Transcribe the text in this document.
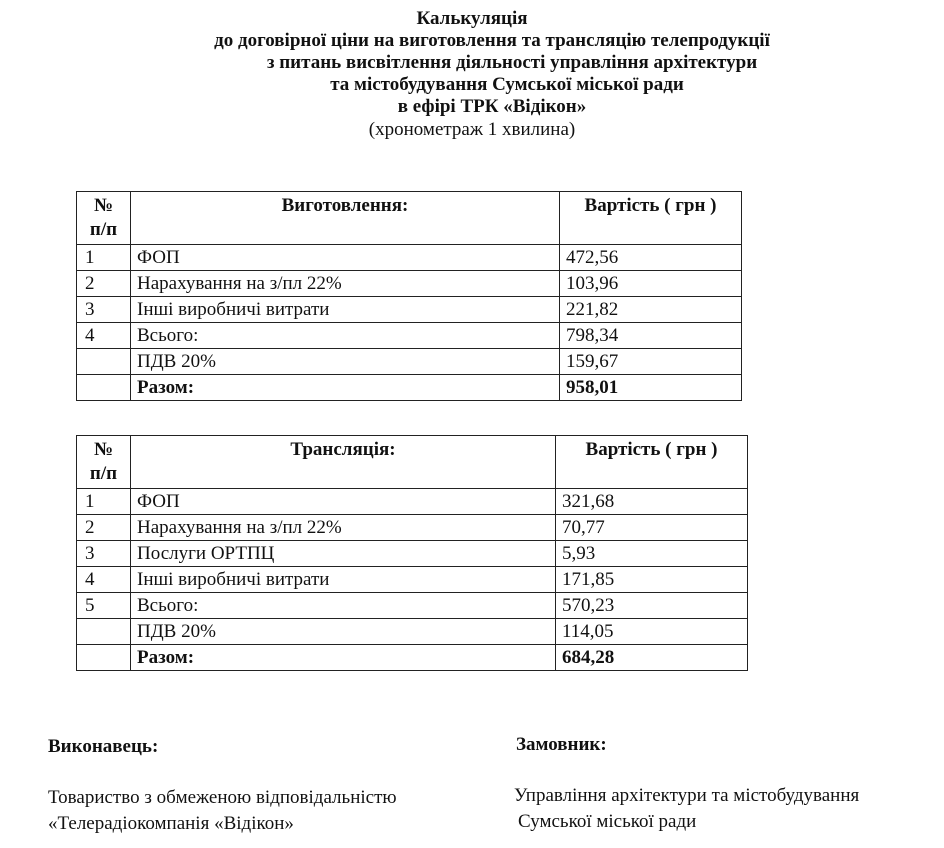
Калькуляція
до договірної ціни на виготовлення та трансляцію телепродукції
з питань висвітлення діяльності управління архітектури
та містобудування Сумської міської ради
в ефірі ТРК «Відікон»
(хронометраж 1 хвилина)
№
п/п	Виготовлення:	Вартість ( грн )
1	ФОП	472,56
2	Нарахування на з/пл 22%	103,96
3	Інші виробничі витрати	221,82
4	Всього:	798,34
	ПДВ 20%	159,67
	Разом:	958,01
№
п/п	Трансляція:	Вартість ( грн )
1	ФОП	321,68
2	Нарахування на з/пл 22%	70,77
3	Послуги ОРТПЦ	5,93
4	Інші виробничі витрати	171,85
5	Всього:	570,23
	ПДВ 20%	114,05
	Разом:	684,28
Виконавець:
Товариство з обмеженою відповідальністю
«Телерадіокомпанія «Відікон»
Замовник:
Управління архітектури та містобудування
Сумської міської ради
